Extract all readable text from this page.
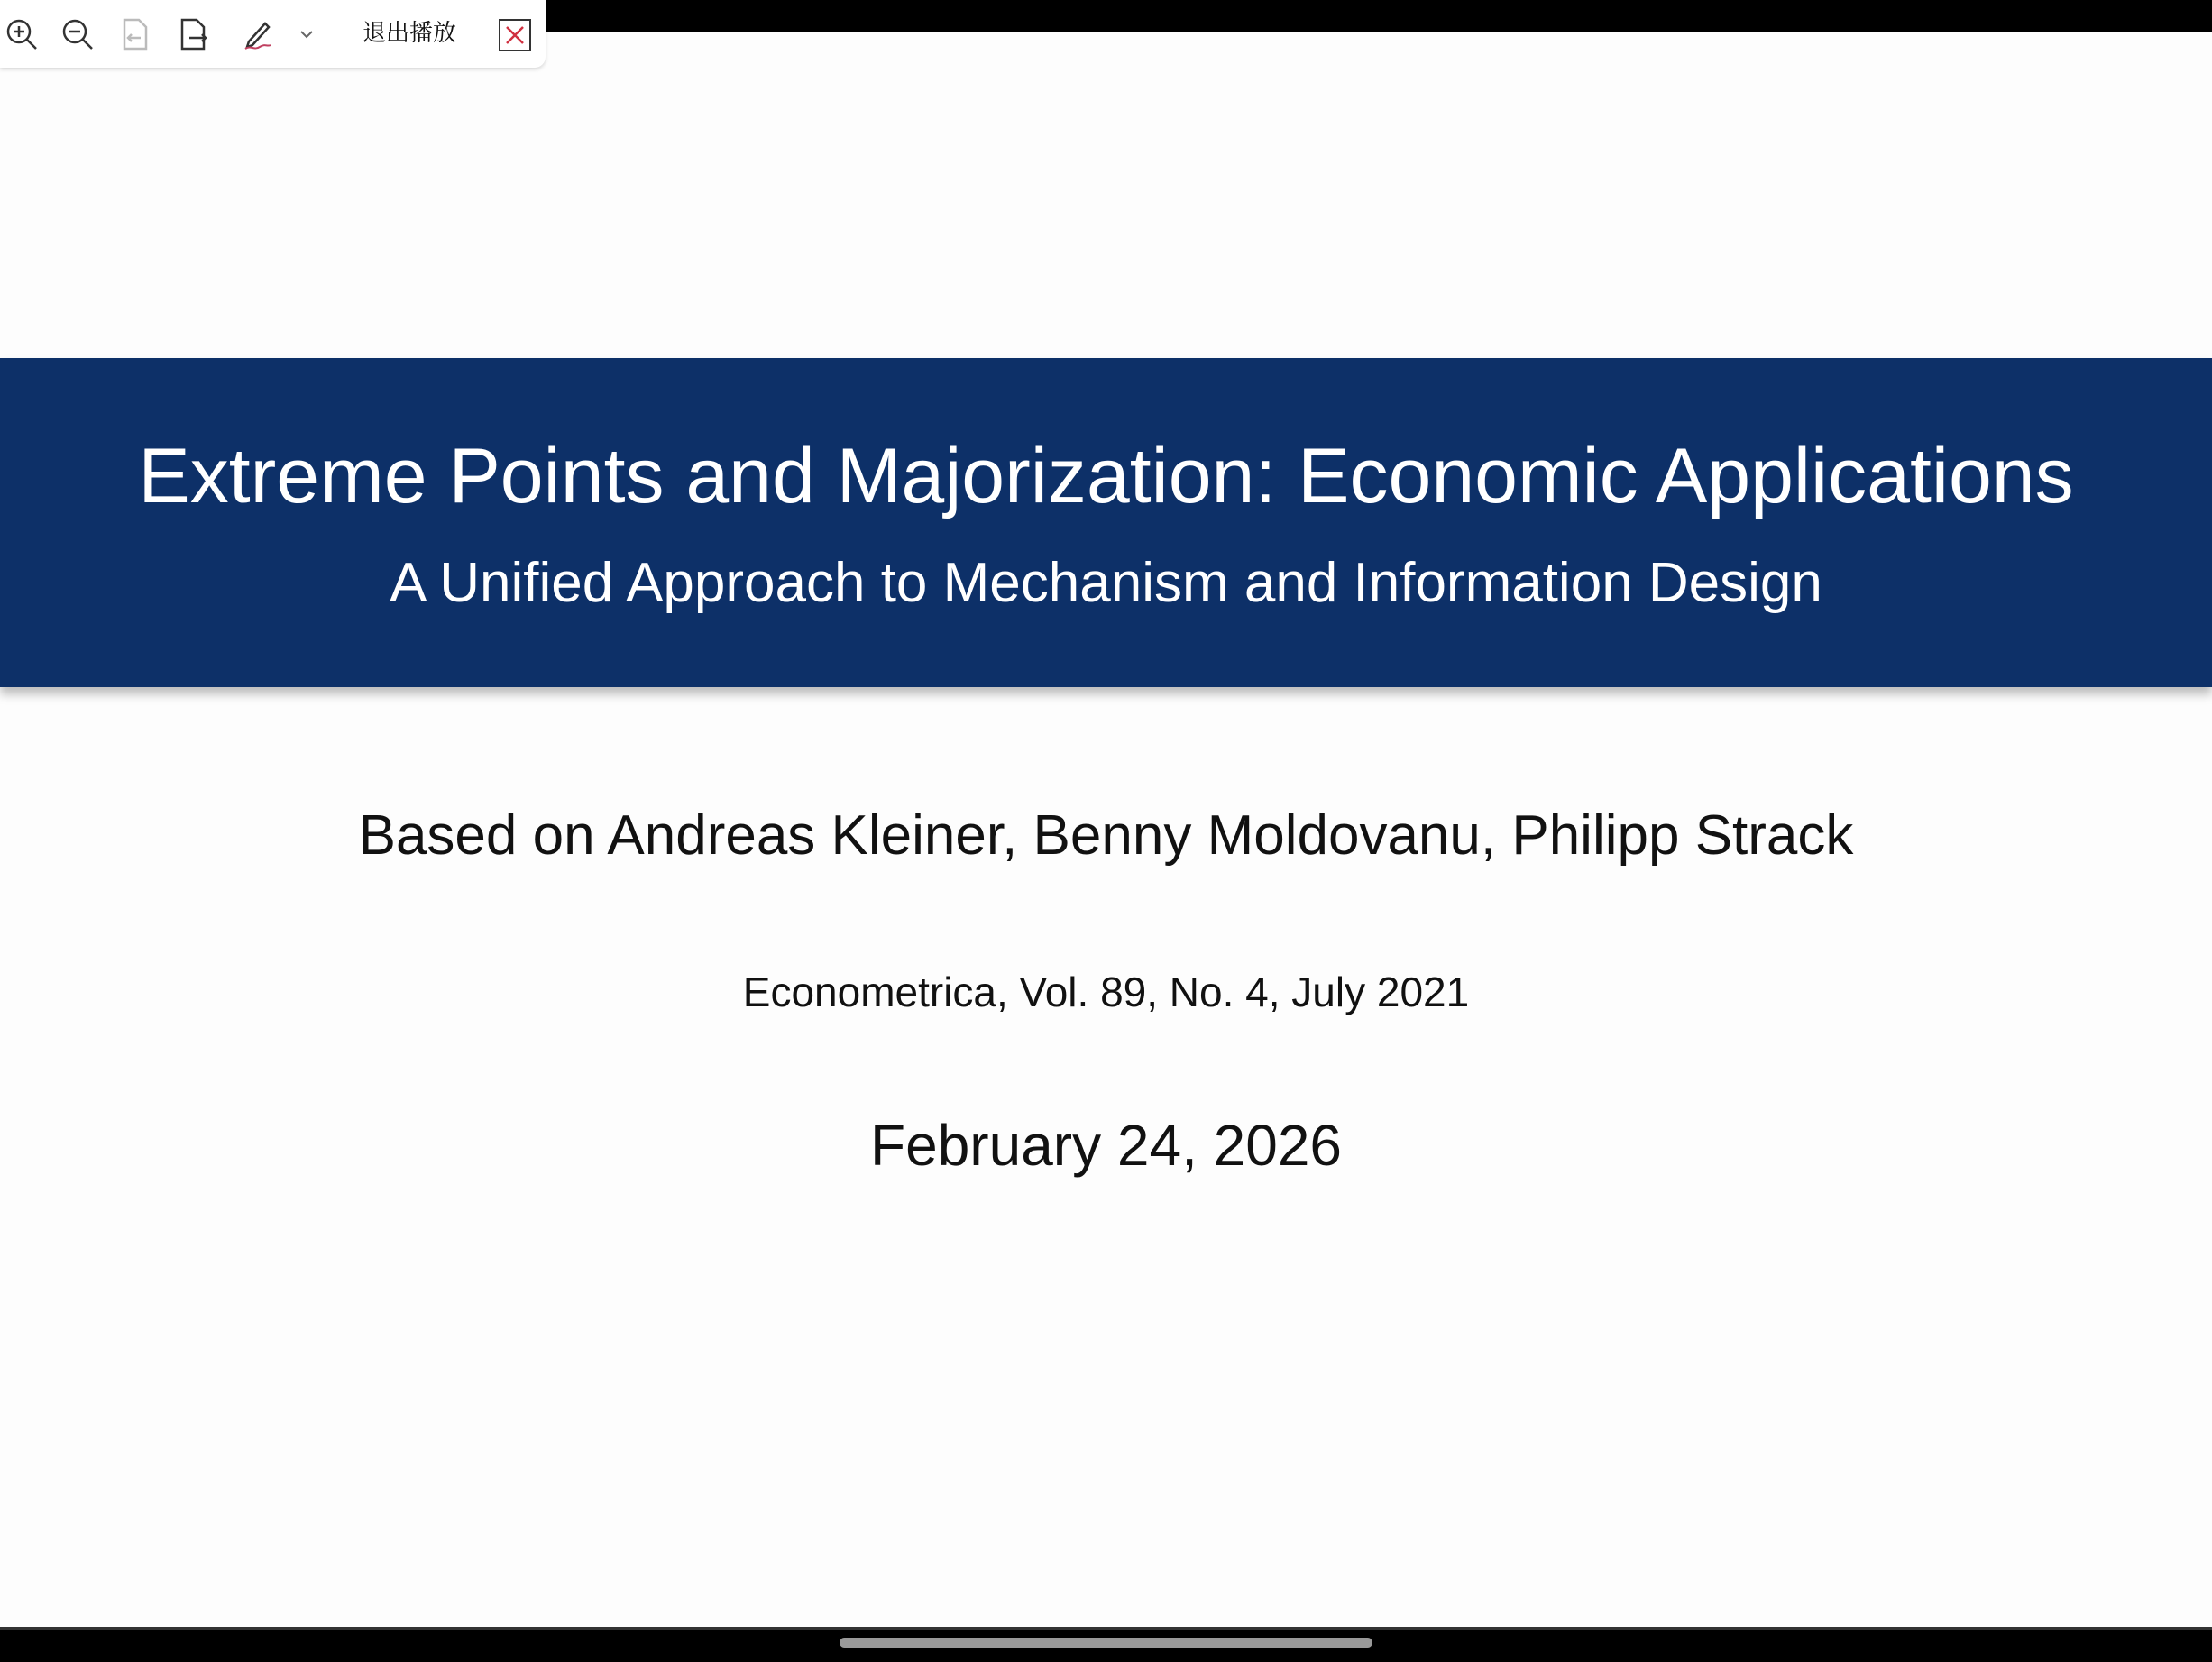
退出播放
Extreme Points and Majorization: Economic Applications
A Unified Approach to Mechanism and Information Design
Based on Andreas Kleiner, Benny Moldovanu, Philipp Strack
Econometrica, Vol. 89, No. 4, July 2021
February 24, 2026
